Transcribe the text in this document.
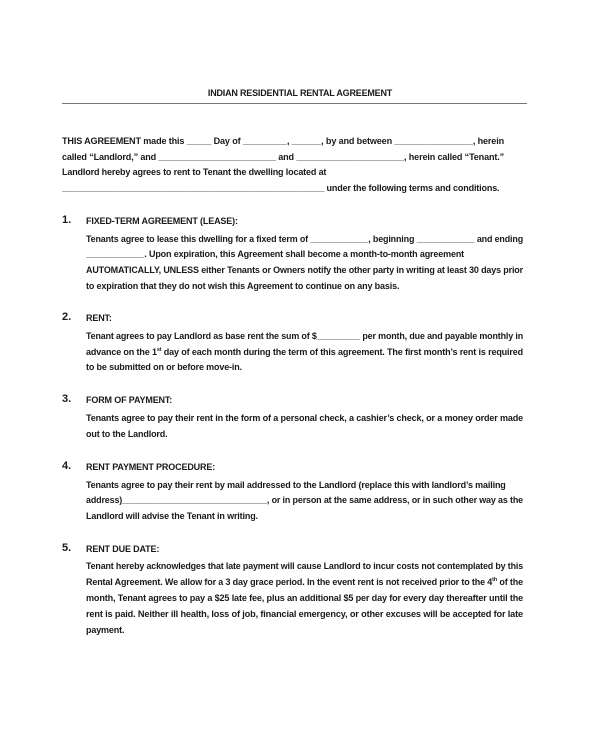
INDIAN RESIDENTIAL RENTAL AGREEMENT
THIS AGREEMENT made this _____ Day of _________, ______, by and between ________________, herein
called “Landlord,” and ________________________ and ______________________, herein called “Tenant.”
Landlord hereby agrees to rent to Tenant the dwelling located at
______________________________________________________ under the following terms and conditions.
1. FIXED-TERM AGREEMENT (LEASE):
Tenants agree to lease this dwelling for a fixed term of ____________, beginning ____________ and ending
____________. Upon expiration, this Agreement shall become a month-to-month agreement
AUTOMATICALLY, UNLESS either Tenants or Owners notify the other party in writing at least 30 days prior
to expiration that they do not wish this Agreement to continue on any basis.
2. RENT:
Tenant agrees to pay Landlord as base rent the sum of $_________ per month, due and payable monthly in
advance on the 1st day of each month during the term of this agreement. The first month’s rent is required
to be submitted on or before move-in.
3. FORM OF PAYMENT:
Tenants agree to pay their rent in the form of a personal check, a cashier’s check, or a money order made
out to the Landlord.
4. RENT PAYMENT PROCEDURE:
Tenants agree to pay their rent by mail addressed to the Landlord (replace this with landlord’s mailing
address)______________________________, or in person at the same address, or in such other way as the
Landlord will advise the Tenant in writing.
5. RENT DUE DATE:
Tenant hereby acknowledges that late payment will cause Landlord to incur costs not contemplated by this
Rental Agreement. We allow for a 3 day grace period. In the event rent is not received prior to the 4th of the
month, Tenant agrees to pay a $25 late fee, plus an additional $5 per day for every day thereafter until the
rent is paid. Neither ill health, loss of job, financial emergency, or other excuses will be accepted for late
payment.
